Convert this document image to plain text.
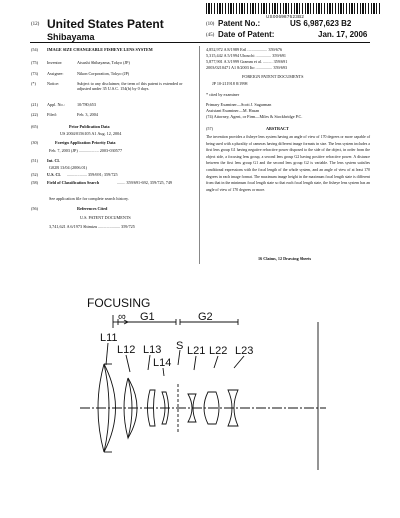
US006987623B2
(12) United States Patent
Shibayama
(10) Patent No.:	US 6,987,623 B2
(45) Date of Patent:	Jan. 17, 2006
(54)	IMAGE SIZE CHANGEABLE FISHEYE LENS SYSTEM
(75)	Inventor:	Atsushi Shibayama, Tokyo (JP)
(73)	Assignee:	Nikon Corporation, Tokyo (JP)
(*)	Notice:	Subject to any disclaimer, the term of this patent is extended or adjusted under 35 U.S.C. 154(b) by 0 days.
(21)	Appl. No.:	10/780,653
(22)	Filed:	Feb. 3, 2004
(65)	Prior Publication Data
US 2004/0156105 A1 Aug. 12, 2004
(30)	Foreign Application Priority Data
Feb. 7, 2003 (JP) ................... 2003-030577
(51)	Int. Cl.
G02B 13/04 (2006.01)
(52)	U.S. Cl.	................... 359/691; 359/725
(58)	Field of Classification Search	........ 359/691-692, 359/725, 749
See application file for complete search history.
(56)	References Cited
U.S. PATENT DOCUMENTS
3,741,621 A 6/1973 Shimizu ..................... 359/725
4,852,972 A 8/1989 Ertl ................... 359/676
5,315,442 A 5/1994 Uhouchi ............... 359/691
5,877,901 A 3/1999 Gramm et al. ......... 359/691
2003/0210471 A1 8/2003 Ito ................ 359/693
FOREIGN PATENT DOCUMENTS
JP 10-211918 8/1998
* cited by examiner
Primary Examiner—Scott J. Sugarman
Assistant Examiner—M. Hasan
(74) Attorney, Agent, or Firm—Miles & Stockbridge P.C.
(57)	ABSTRACT
The invention provides a fisheye lens system having an angle of view of 170 degrees or more capable of being used with a plurality of cameras having different image formats in size. The lens system includes a first lens group G1 having negative refractive power disposed to the side of the object, in order from the object side, a focusing lens group, a second lens group G2 having positive refractive power. A distance between the first lens group G1 and the second lens group G2 is variable. The lens system satisfies conditional expressions with the focal length of the whole system, and an angle of view of at least 170 degrees in each image format. The maximum image height in the maximum focal length state is different from that in the minimum focal length state so that each focal length state, the fisheye lens system has an angle of view of 170 degrees or more.
16 Claims, 12 Drawing Sheets
FOCUSING
∞ G1	G2
L11
L12 L13
L14
S L21 L22 L23
